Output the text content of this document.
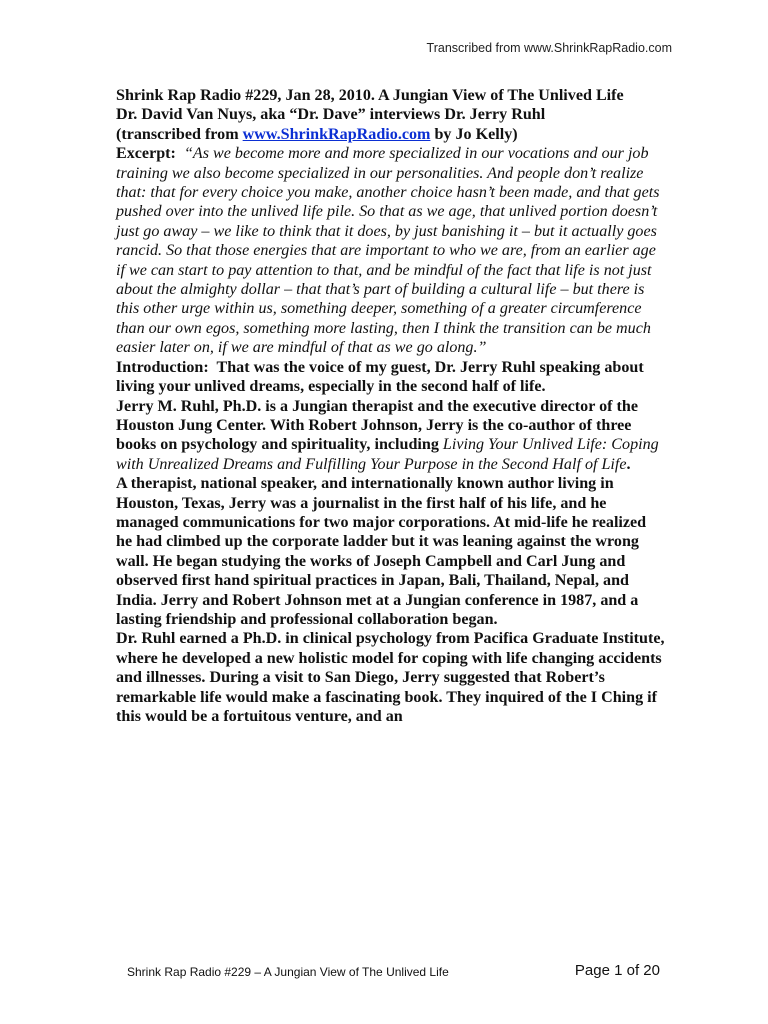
Transcribed from www.ShrinkRapRadio.com

Shrink Rap Radio #229, Jan 28, 2010. A Jungian View of The Unlived Life
Dr. David Van Nuys, aka “Dr. Dave” interviews Dr. Jerry Ruhl
(transcribed from www.ShrinkRapRadio.com by Jo Kelly)

Excerpt: “As we become more and more specialized in our vocations and our job training we also become specialized in our personalities. And people don’t realize that: that for every choice you make, another choice hasn’t been made, and that gets pushed over into the unlived life pile. So that as we age, that unlived portion doesn’t just go away – we like to think that it does, by just banishing it – but it actually goes rancid. So that those energies that are important to who we are, from an earlier age if we can start to pay attention to that, and be mindful of the fact that life is not just about the almighty dollar – that that’s part of building a cultural life – but there is this other urge within us, something deeper, something of a greater circumference than our own egos, something more lasting, then I think the transition can be much easier later on, if we are mindful of that as we go along.”

Introduction: That was the voice of my guest, Dr. Jerry Ruhl speaking about living your unlived dreams, especially in the second half of life.

Jerry M. Ruhl, Ph.D. is a Jungian therapist and the executive director of the Houston Jung Center. With Robert Johnson, Jerry is the co-author of three books on psychology and spirituality, including Living Your Unlived Life: Coping with Unrealized Dreams and Fulfilling Your Purpose in the Second Half of Life.

A therapist, national speaker, and internationally known author living in Houston, Texas, Jerry was a journalist in the first half of his life, and he managed communications for two major corporations. At mid-life he realized he had climbed up the corporate ladder but it was leaning against the wrong wall. He began studying the works of Joseph Campbell and Carl Jung and observed first hand spiritual practices in Japan, Bali, Thailand, Nepal, and India. Jerry and Robert Johnson met at a Jungian conference in 1987, and a lasting friendship and professional collaboration began.

Dr. Ruhl earned a Ph.D. in clinical psychology from Pacifica Graduate Institute, where he developed a new holistic model for coping with life changing accidents and illnesses. During a visit to San Diego, Jerry suggested that Robert’s remarkable life would make a fascinating book. They inquired of the I Ching if this would be a fortuitous venture, and an

Shrink Rap Radio #229 – A Jungian View of The Unlived Life	Page 1 of 20
